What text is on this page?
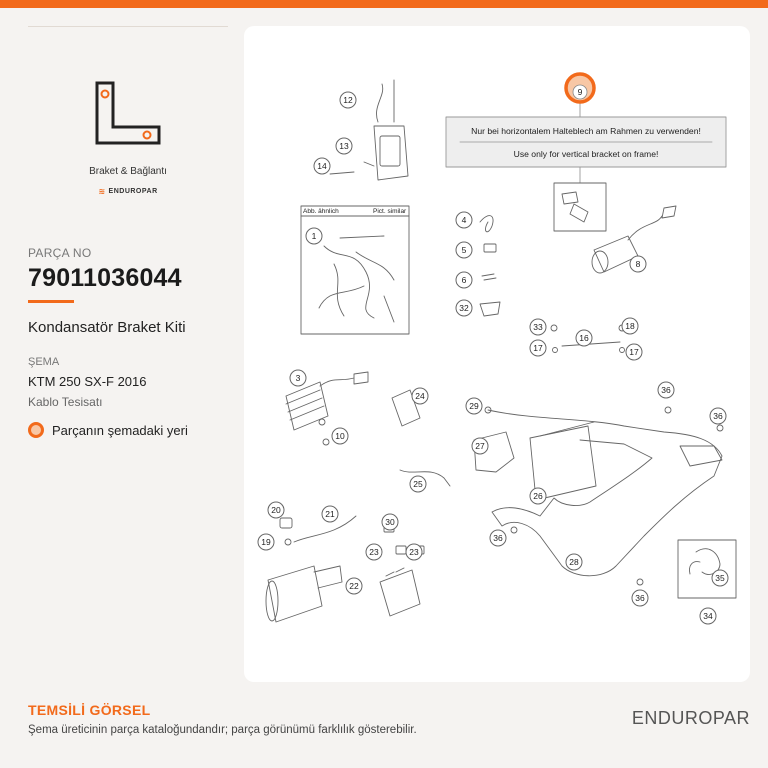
Braket & Bağlantı
≋ ENDUROPAR
PARÇA NO
79011036044
Kondansatör Braket Kiti
ŞEMA
KTM 250 SX-F 2016
Kablo Tesisatı
Parçanın şemadaki yeri
12
13
14
1
4
5
6
32
8
33
17
16
18
17
3
24
10
29
36
36
27
25
26
20	21
30
19
23	23
36
28
22
35
36
34
9
Nur bei horizontalem Halteblech am Rahmen zu verwenden!
Use only for vertical bracket on frame!
Abb. ähnlich	Pict. similar
TEMSİLİ GÖRSEL
Şema üreticinin parça kataloğundandır; parça görünümü farklılık gösterebilir.
ENDUROPAR
